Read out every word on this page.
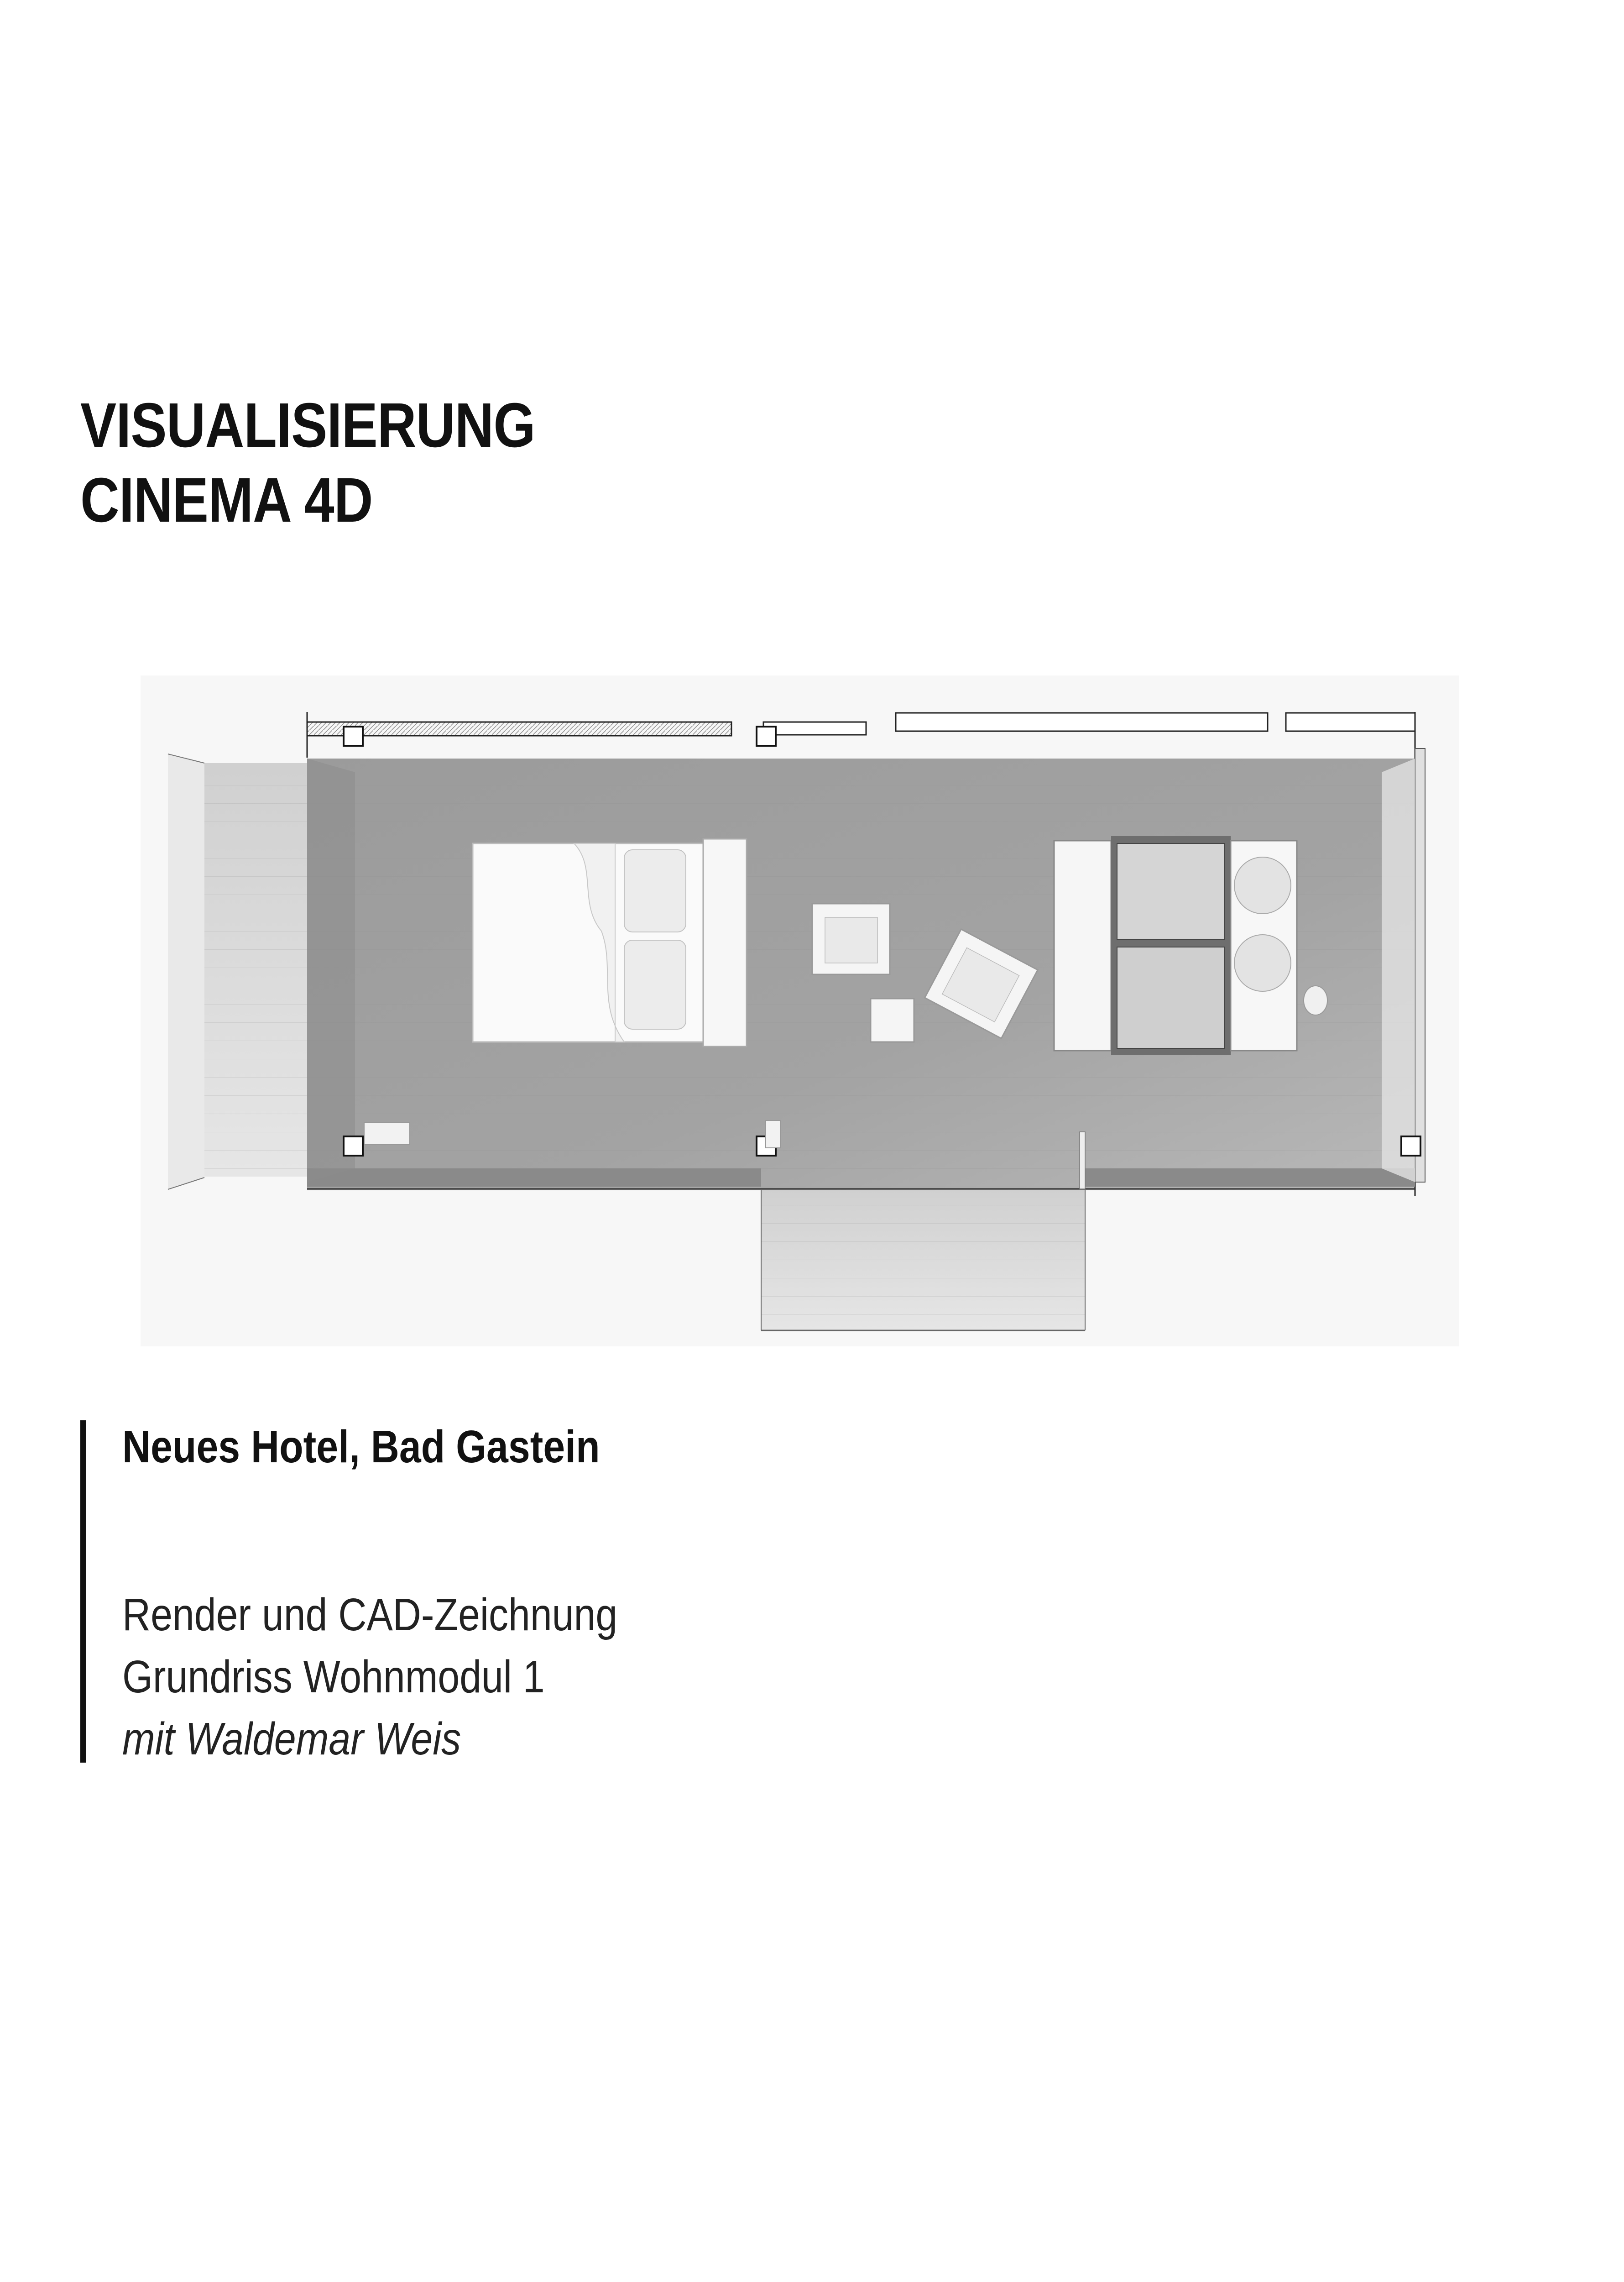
VISUALISIERUNG
CINEMA 4D
Neues Hotel, Bad Gastein
Render und CAD-Zeichnung
Grundriss Wohnmodul 1
mit Waldemar Weis
